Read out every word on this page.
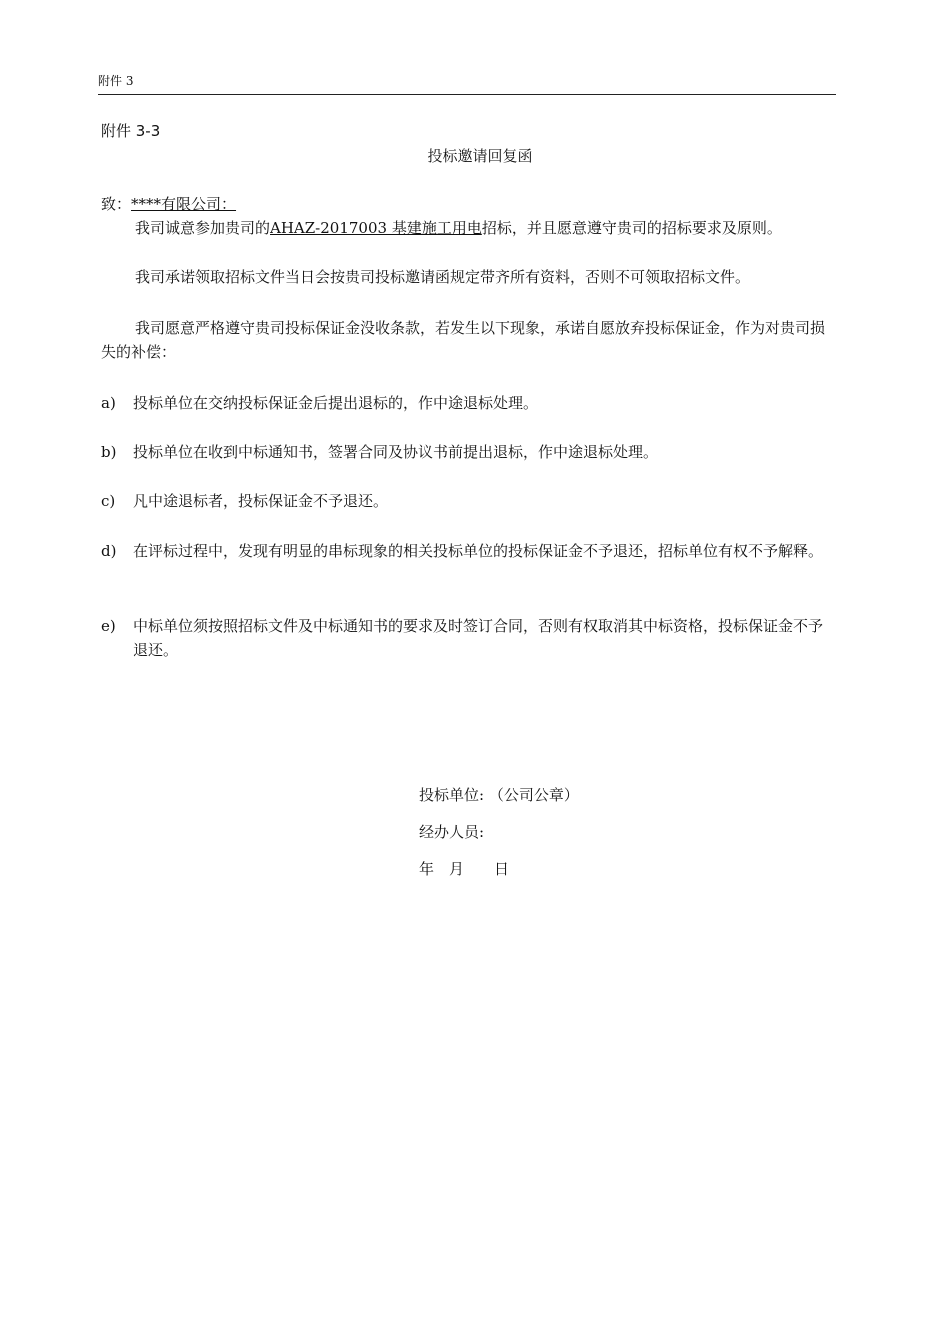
附件 3
附件 3-3
投标邀请回复函
致：****有限公司：
我司诚意参加贵司的AHAZ-2017003 基建施工用电招标，并且愿意遵守贵司的招标要求及原则。
我司承诺领取招标文件当日会按贵司投标邀请函规定带齐所有资料，否则不可领取招标文件。
我司愿意严格遵守贵司投标保证金没收条款，若发生以下现象，承诺自愿放弃投标保证金，作为对贵司损失的补偿：
a)	投标单位在交纳投标保证金后提出退标的，作中途退标处理。
b)	投标单位在收到中标通知书，签署合同及协议书前提出退标，作中途退标处理。
c)	凡中途退标者，投标保证金不予退还。
d)	在评标过程中，发现有明显的串标现象的相关投标单位的投标保证金不予退还，招标单位有权不予解释。
e)	中标单位须按照招标文件及中标通知书的要求及时签订合同，否则有权取消其中标资格，投标保证金不予退还。
投标单位: （公司公章）
经办人员:
年　月　　日
